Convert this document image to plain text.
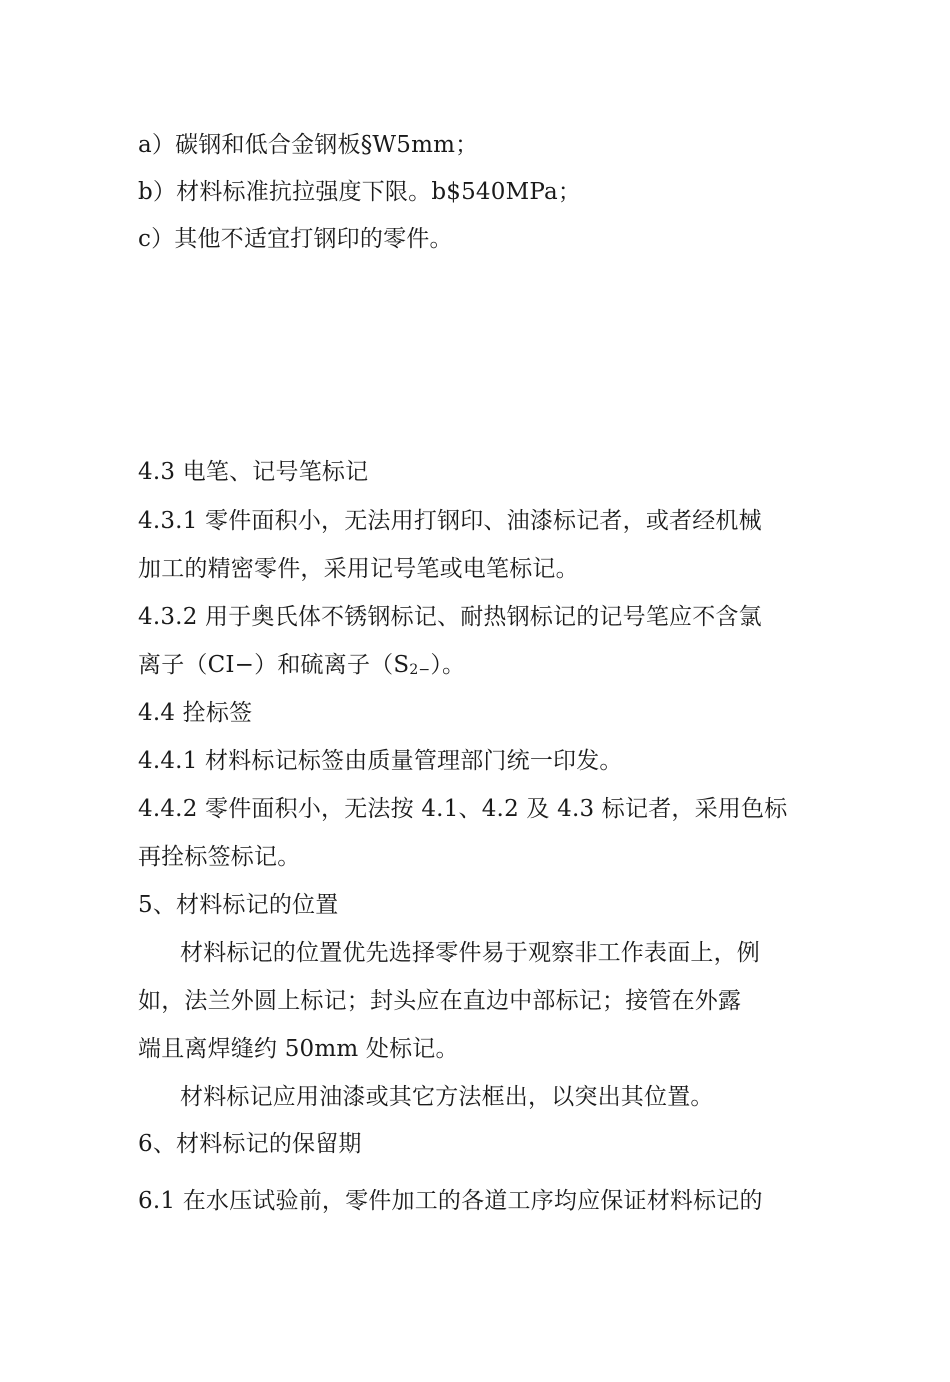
a）碳钢和低合金钢板§W5mm；
b）材料标准抗拉强度下限。b$540MPa；
c）其他不适宜打钢印的零件。
4.3 电笔、记号笔标记
4.3.1 零件面积小，无法用打钢印、油漆标记者，或者经机械
加工的精密零件，采用记号笔或电笔标记。
4.3.2 用于奥氏体不锈钢标记、耐热钢标记的记号笔应不含氯
离子（CI−）和硫离子$(S_{2-})$。
4.4 拴标签
4.4.1 材料标记标签由质量管理部门统一印发。
4.4.2 零件面积小，无法按 4.1、4.2 及 4.3 标记者，采用色标
再拴标签标记。
5、材料标记的位置
材料标记的位置优先选择零件易于观察非工作表面上，例
如，法兰外圆上标记；封头应在直边中部标记；接管在外露
端且离焊缝约 50mm 处标记。
材料标记应用油漆或其它方法框出，以突出其位置。
6、材料标记的保留期
6.1 在水压试验前，零件加工的各道工序均应保证材料标记的
